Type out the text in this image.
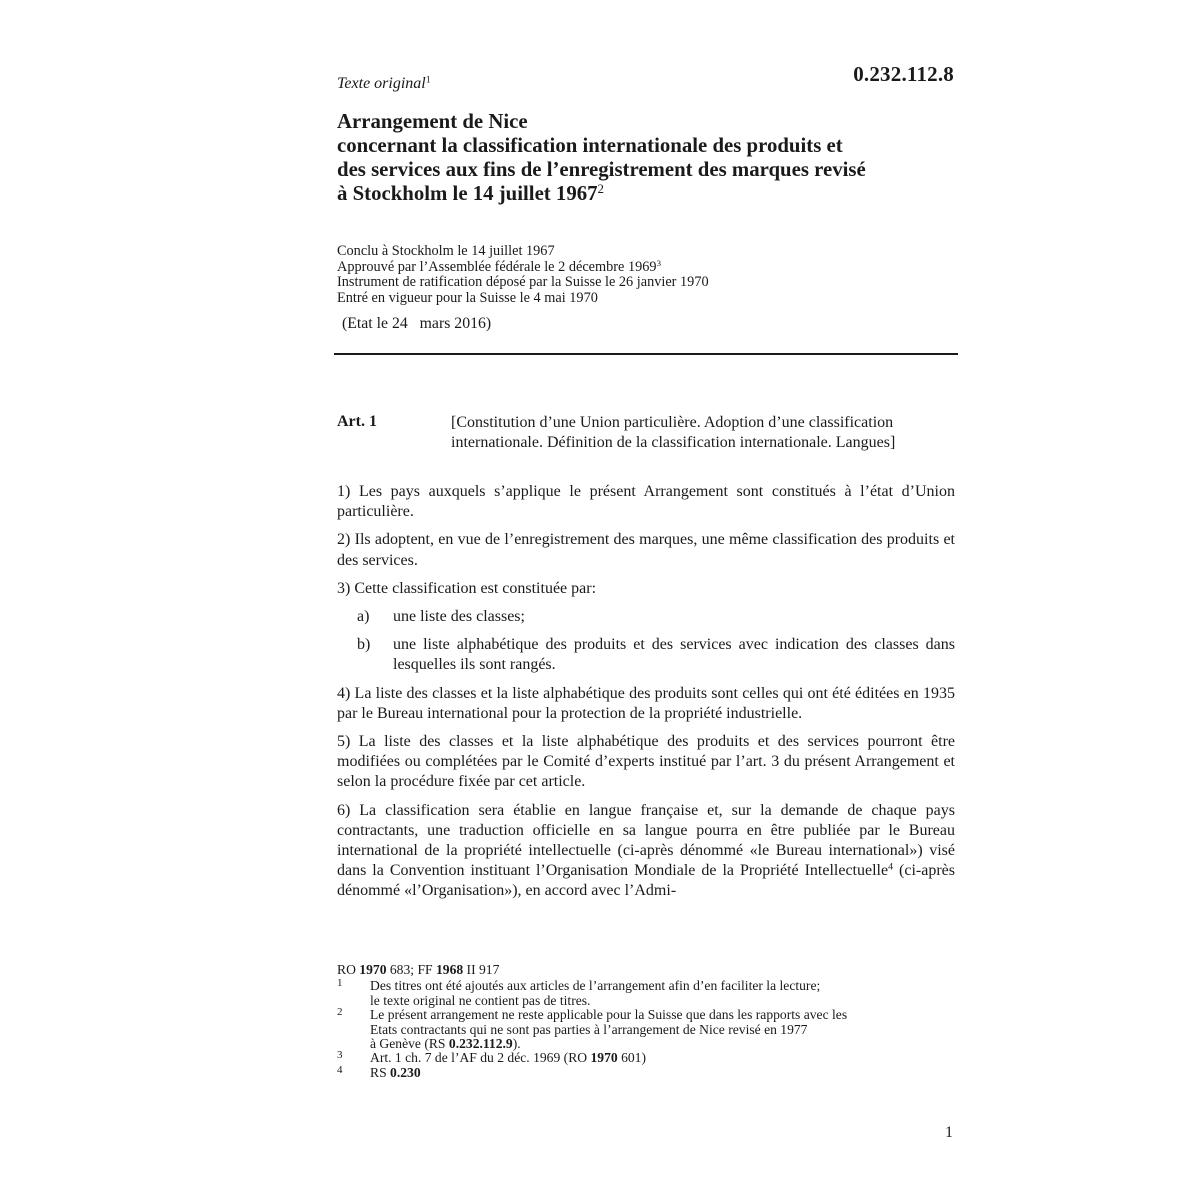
0.232.112.8
Texte original$^1$
Arrangement de Nice
concernant la classification internationale des produits et
des services aux fins de l’enregistrement des marques revisé
à Stockholm le 14 juillet 1967$^2$
Conclu à Stockholm le 14 juillet 1967
Approuvé par l’Assemblée fédérale le 2 décembre 1969$^3$
Instrument de ratification déposé par la Suisse le 26 janvier 1970
Entré en vigueur pour la Suisse le 4 mai 1970
(Etat le 24   mars 2016)
Art. 1	[Constitution d’une Union particulière. Adoption d’une classification internationale. Définition de la classification internationale. Langues]

1) Les pays auxquels s’applique le présent Arrangement sont constitués à l’état d’Union particulière.

2) Ils adoptent, en vue de l’enregistrement des marques, une même classification des produits et des services.

3) Cette classification est constituée par:

a)	une liste des classes;
b)	une liste alphabétique des produits et des services avec indication des classes dans lesquelles ils sont rangés.

4) La liste des classes et la liste alphabétique des produits sont celles qui ont été éditées en 1935 par le Bureau international pour la protection de la propriété industrielle.

5) La liste des classes et la liste alphabétique des produits et des services pourront être modifiées ou complétées par le Comité d’experts institué par l’art. 3 du présent Arrangement et selon la procédure fixée par cet article.

6) La classification sera établie en langue française et, sur la demande de chaque pays contractants, une traduction officielle en sa langue pourra en être publiée par le Bureau international de la propriété intellectuelle (ci-après dénommé «le Bureau international») visé dans la Convention instituant l’Organisation Mondiale de la Propriété Intellectuelle$^4$ (ci-après dénommé «l’Organisation»), en accord avec l’Admi-

RO 1970 683; FF 1968 II 917
1	Des titres ont été ajoutés aux articles de l’arrangement afin d’en faciliter la lecture;
le texte original ne contient pas de titres.
2	Le présent arrangement ne reste applicable pour la Suisse que dans les rapports avec les
Etats contractants qui ne sont pas parties à l’arrangement de Nice revisé en 1977
à Genève (RS 0.232.112.9).
3	Art. 1 ch. 7 de l’AF du 2 déc. 1969 (RO 1970 601)
4	RS 0.230
1
